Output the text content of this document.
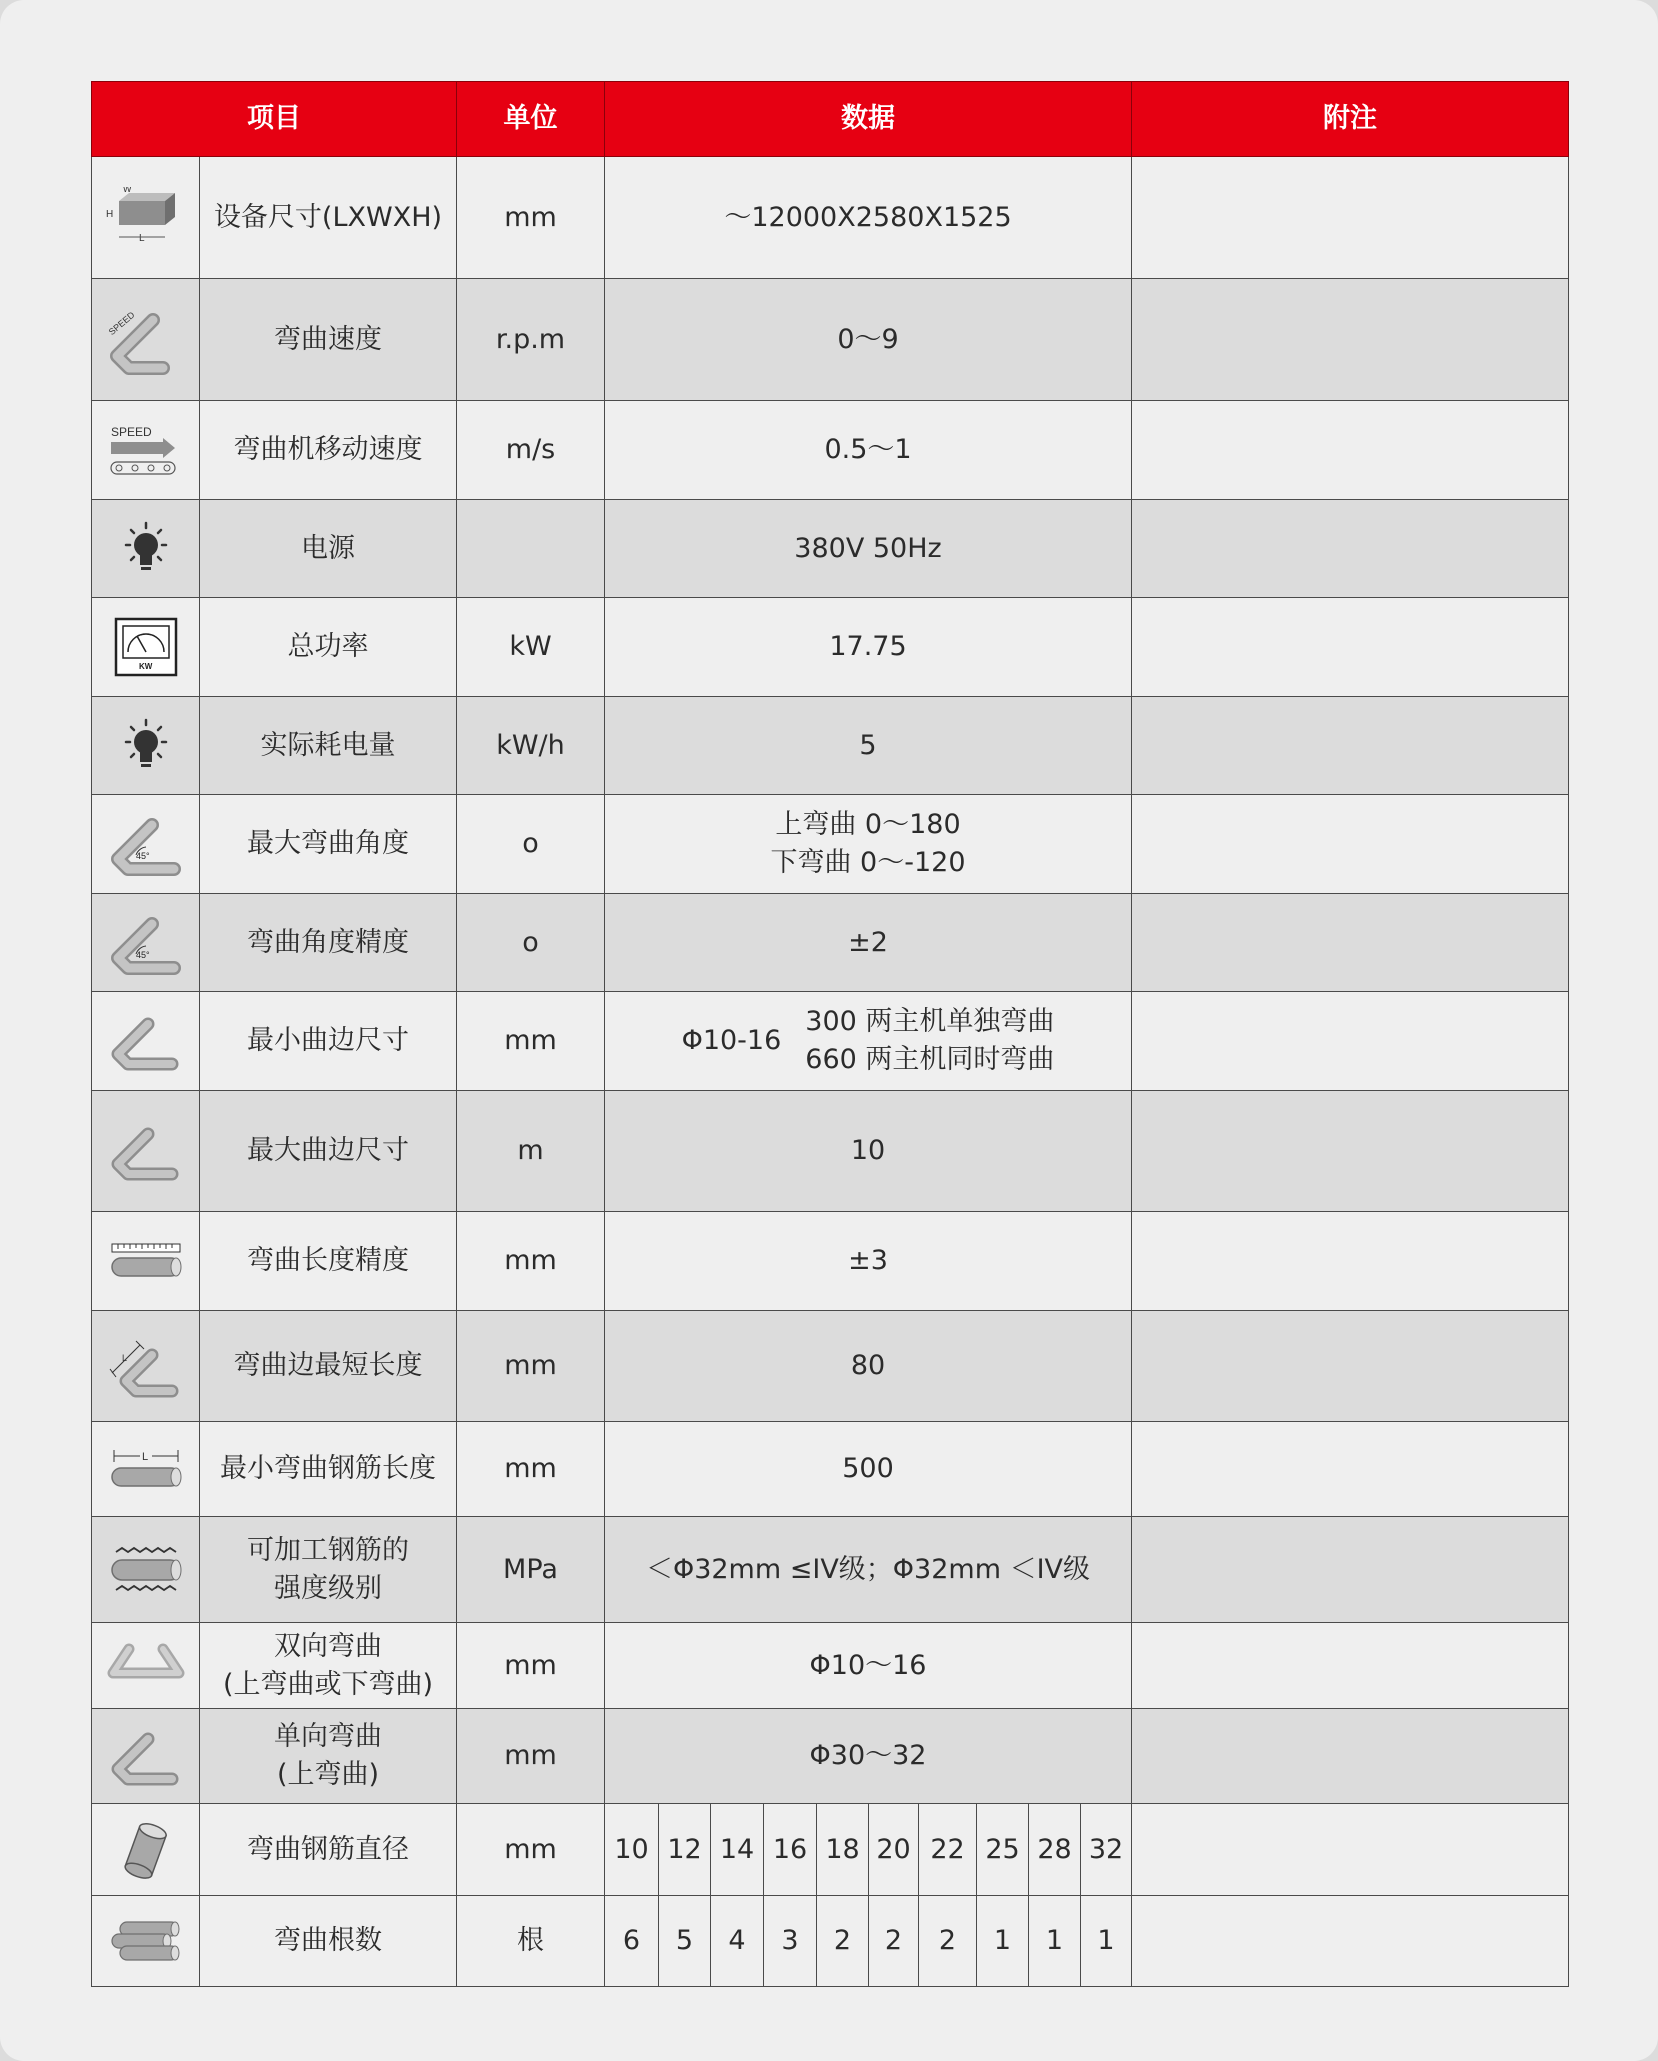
项目		单位	数据										附注

H
L
W	设备尺寸(LXWXH)	mm	～12000X2580X1525										

SPEED	弯曲速度	r.p.m	0～9										

SPEED	弯曲机移动速度	m/s	0.5～1										

	电源		380V 50Hz										

KW	总功率	kW	17.75										

	实际耗电量	kW/h	5										

45°	最大弯曲角度	o	上弯曲 0～180
下弯曲 0～-120										

45°	弯曲角度精度	o	±2										

	最小曲边尺寸	mm	Φ10-16
300 两主机单独弯曲
660 两主机同时弯曲										

	最大曲边尺寸	m	10										

	弯曲长度精度	mm	±3										

L	弯曲边最短长度	mm	80										

L	最小弯曲钢筋长度	mm	500										

可加工钢筋的
强度级别	MPa	＜Φ32mm ≤IV级；Φ32mm ＜IV级										

双向弯曲
(上弯曲或下弯曲)	mm	Φ10～16										

单向弯曲
(上弯曲)	mm	Φ30～32										

	弯曲钢筋直径	mm	10	12	14	16	18	20	22	25	28	32	

	弯曲根数	根	6	5	4	3	2	2	2	1	1	1	
